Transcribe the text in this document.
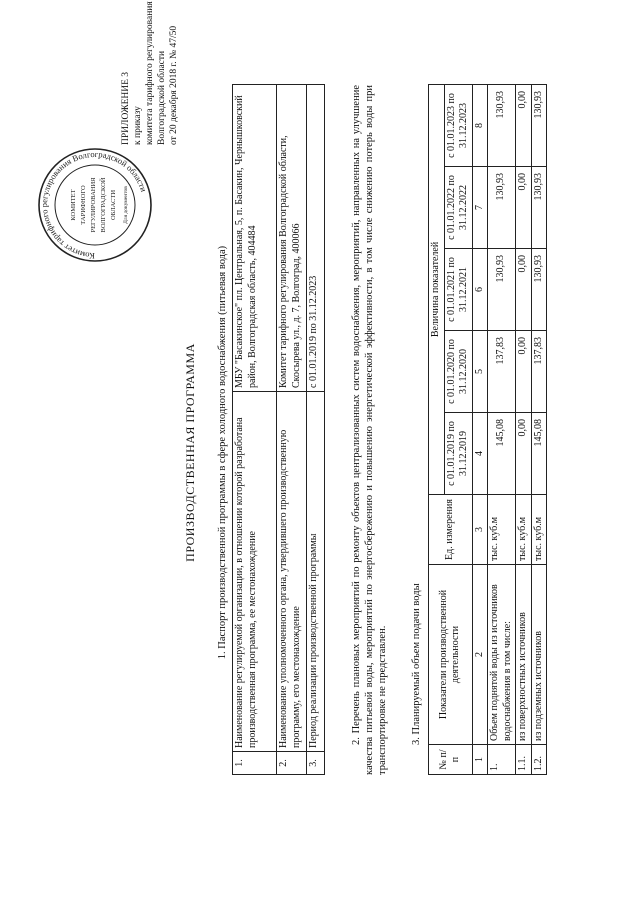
ПРИЛОЖЕНИЕ 3 к приказу комитета тарифного регулирования Волгоградской области от 20 декабря 2018 г. № 47/50
Комитет тарифного регулирования Волгоградской области
КОМИТЕТ ТАРИФНОГО РЕГУЛИРОВАНИЯ ВОЛГОГРАДСКОЙ ОБЛАСТИ Для документов
ПРОИЗВОДСТВЕННАЯ ПРОГРАММА 1. Паспорт производственной программы в сфере холодного водоснабжения (питьевая вода)
1.	Наименование регулируемой организации, в отношении которой разработана производственная программа, ее местонахождение	МБУ "Басакинское" пл. Центральная, 5, п. Басакин, Чернышковский район, Волгоградская область, 404484
2.	Наименование уполномоченного органа, утвердившего производственную программу, его местонахождение	Комитет тарифного регулирования Волгоградской области, Скосырева ул., д. 7, Волгоград, 400066
3.	Период реализации производственной программы	с 01.01.2019 по 31.12.2023	2. Перечень плановых мероприятий по ремонту объектов централизованных систем водоснабжения, мероприятий, направленных на улучшение качества питьевой воды, мероприятий по энергосбережению и повышению энергетической эффективности, в том числе снижению потерь воды при транспортировке не представлен. 3. Планируемый объем подачи воды
№ п/п	Показатели производственной деятельности	Ед. измерения	Величина показателей				
			с 01.01.2019 по 31.12.2019	с 01.01.2020 по 31.12.2020	с 01.01.2021 по 31.12.2021	с 01.01.2022 по 31.12.2022	с 01.01.2023 по 31.12.2023
1	2	3	4	5	6	7	8
1.	Объем поднятой воды из источников водоснабжения в том числе:	тыс. куб.м	145,08	137,83	130,93	130,93	130,93
1.1.	из поверхностных источников	тыс. куб.м	0,00	0,00	0,00	0,00	0,00
1.2.	из подземных источников	тыс. куб.м	145,08	137,83	130,93	130,93	130,93
